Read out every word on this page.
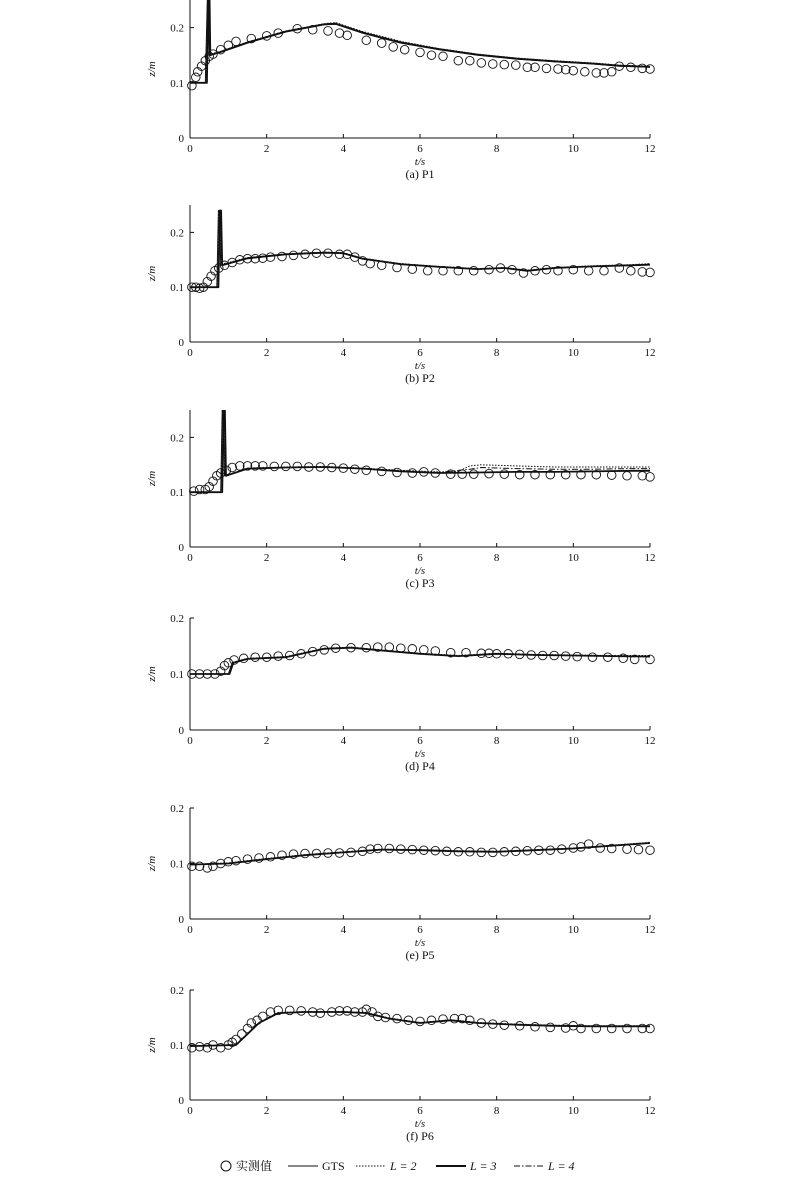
0
0.1
0.2
0	2	4	6	8	10	12
z/m
t/s
(a) P1
0
0.1
0.2
0	2	4	6	8	10	12
z/m
t/s
(b) P2
0
0.1
0.2
0	2	4	6	8	10	12
z/m
t/s
(c) P3
0
0.1
0.2
0	2	4	6	8	10	12
z/m
t/s
(d) P4
0
0.1
0.2
0	2	4	6	8	10	12
z/m
t/s
(e) P5
0
0.1
0.2
0	2	4	6	8	10	12
z/m
t/s
(f) P6
实测值	GTS	L = 2	L = 3	L = 4
